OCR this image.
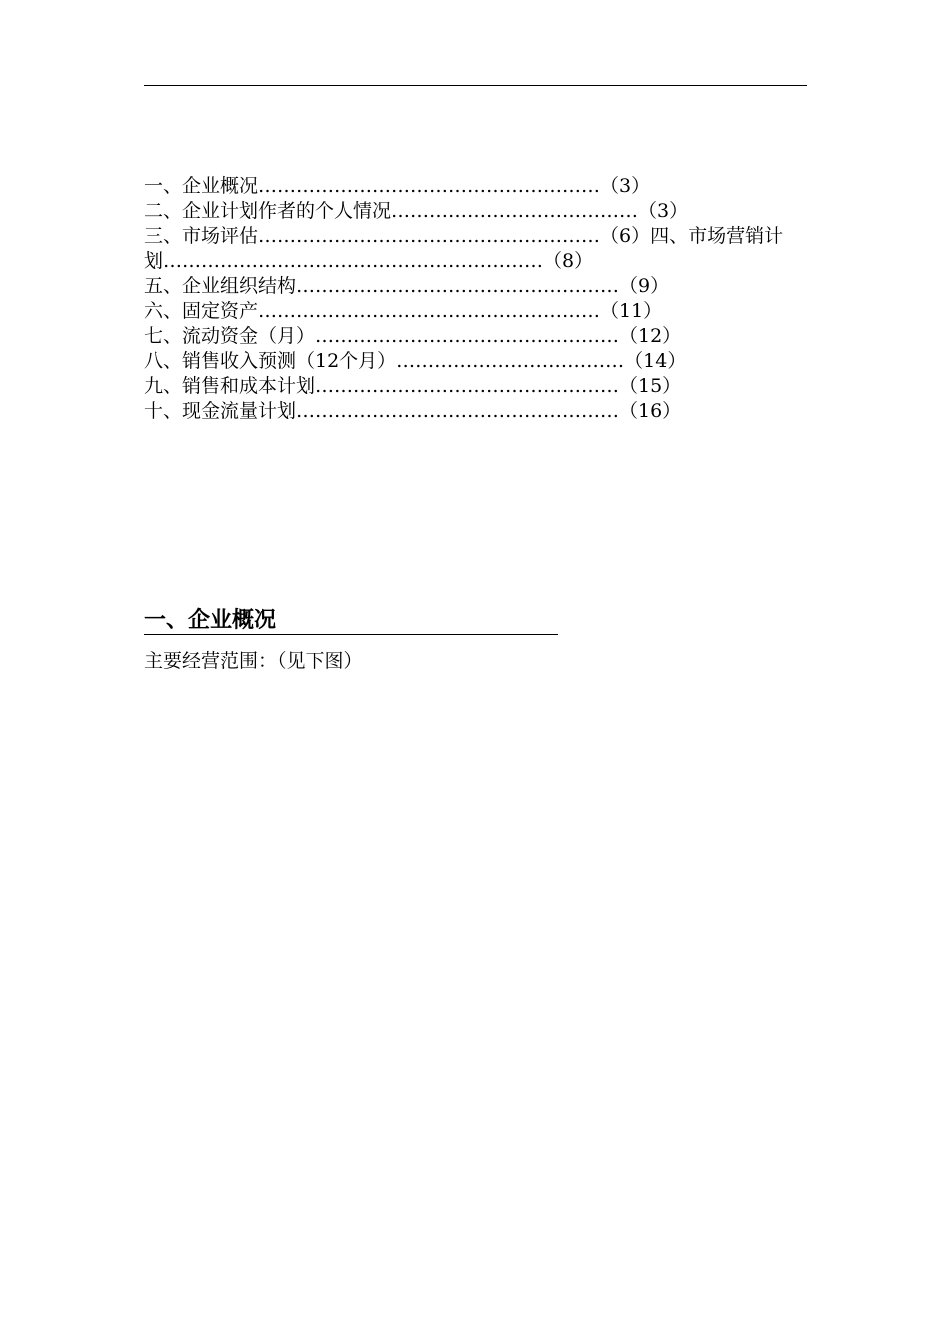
一、企业概况………………………………………………（3）
二、企业计划作者的个人情况…………………………………（3）
三、市场评估………………………………………………（6）四、市场营销计
划……………………………………………………（8）
五、企业组织结构……………………………………………（9）
六、固定资产………………………………………………（11）
七、流动资金（月）…………………………………………（12）
八、销售收入预测（12个月）………………………………（14）
九、销售和成本计划…………………………………………（15）
十、现金流量计划……………………………………………（16）
一、企业概况
主要经营范围：（见下图）
